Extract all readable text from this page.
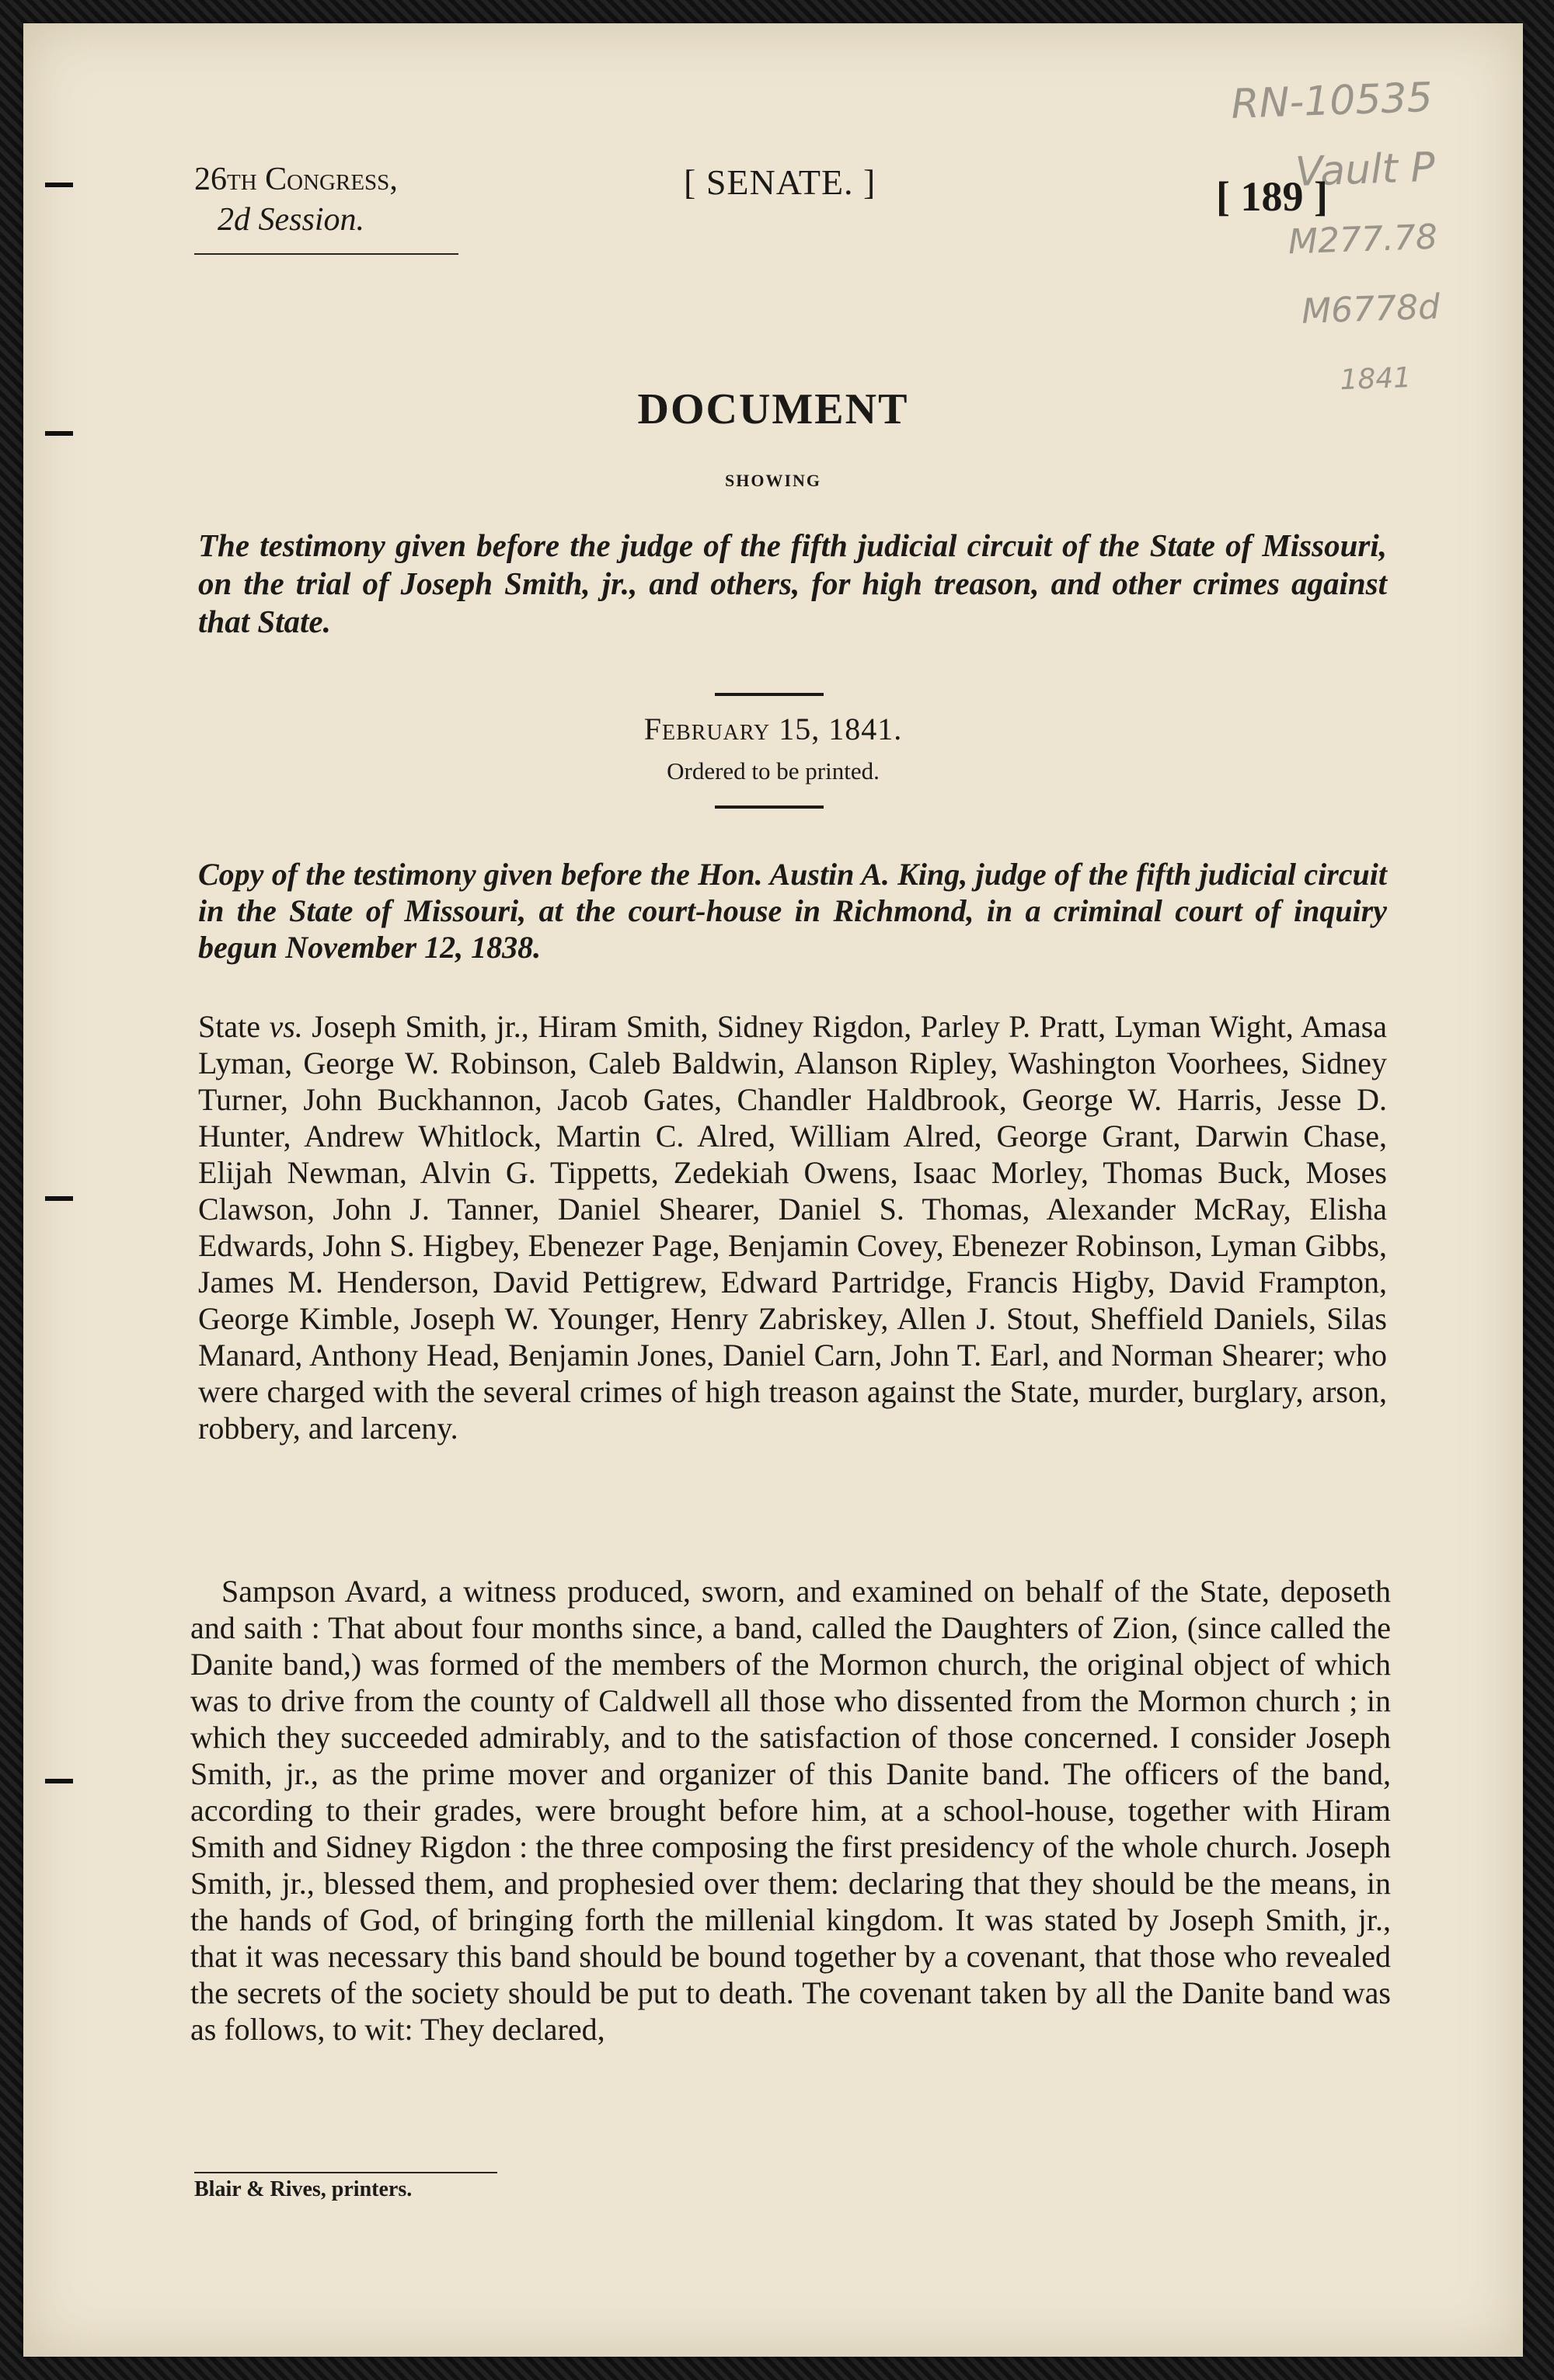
RN-10535
Vault P
M277.78
M6778d
1841
26th Congress,
2d Session.
[ SENATE. ]	[ 189 ]
DOCUMENT
SHOWING
The testimony given before the judge of the fifth judicial circuit of the State of Missouri, on the trial of Joseph Smith, jr., and others, for high treason, and other crimes against that State.
February 15, 1841.
Ordered to be printed.
Copy of the testimony given before the Hon. Austin A. King, judge of the fifth judicial circuit in the State of Missouri, at the court-house in Richmond, in a criminal court of inquiry begun November 12, 1838.
State vs. Joseph Smith, jr., Hiram Smith, Sidney Rigdon, Parley P. Pratt, Lyman Wight, Amasa Lyman, George W. Robinson, Caleb Baldwin, Alanson Ripley, Washington Voorhees, Sidney Turner, John Buckhannon, Jacob Gates, Chandler Haldbrook, George W. Harris, Jesse D. Hunter, Andrew Whitlock, Martin C. Alred, William Alred, George Grant, Darwin Chase, Elijah Newman, Alvin G. Tippetts, Zedekiah Owens, Isaac Morley, Thomas Buck, Moses Clawson, John J. Tanner, Daniel Shearer, Daniel S. Thomas, Alexander McRay, Elisha Edwards, John S. Higbey, Ebenezer Page, Benjamin Covey, Ebenezer Robinson, Lyman Gibbs, James M. Henderson, David Pettigrew, Edward Partridge, Francis Higby, David Frampton, George Kimble, Joseph W. Younger, Henry Zabriskey, Allen J. Stout, Sheffield Daniels, Silas Manard, Anthony Head, Benjamin Jones, Daniel Carn, John T. Earl, and Norman Shearer; who were charged with the several crimes of high treason against the State, murder, burglary, arson, robbery, and larceny.
Sampson Avard, a witness produced, sworn, and examined on behalf of the State, deposeth and saith : That about four months since, a band, called the Daughters of Zion, (since called the Danite band,) was formed of the members of the Mormon church, the original object of which was to drive from the county of Caldwell all those who dissented from the Mormon church ; in which they succeeded admirably, and to the satisfaction of those concerned. I consider Joseph Smith, jr., as the prime mover and organizer of this Danite band. The officers of the band, according to their grades, were brought before him, at a school-house, together with Hiram Smith and Sidney Rigdon : the three composing the first presidency of the whole church. Joseph Smith, jr., blessed them, and prophesied over them: declaring that they should be the means, in the hands of God, of bringing forth the millenial kingdom. It was stated by Joseph Smith, jr., that it was necessary this band should be bound together by a covenant, that those who revealed the secrets of the society should be put to death. The covenant taken by all the Danite band was as follows, to wit: They declared,
Blair & Rives, printers.
